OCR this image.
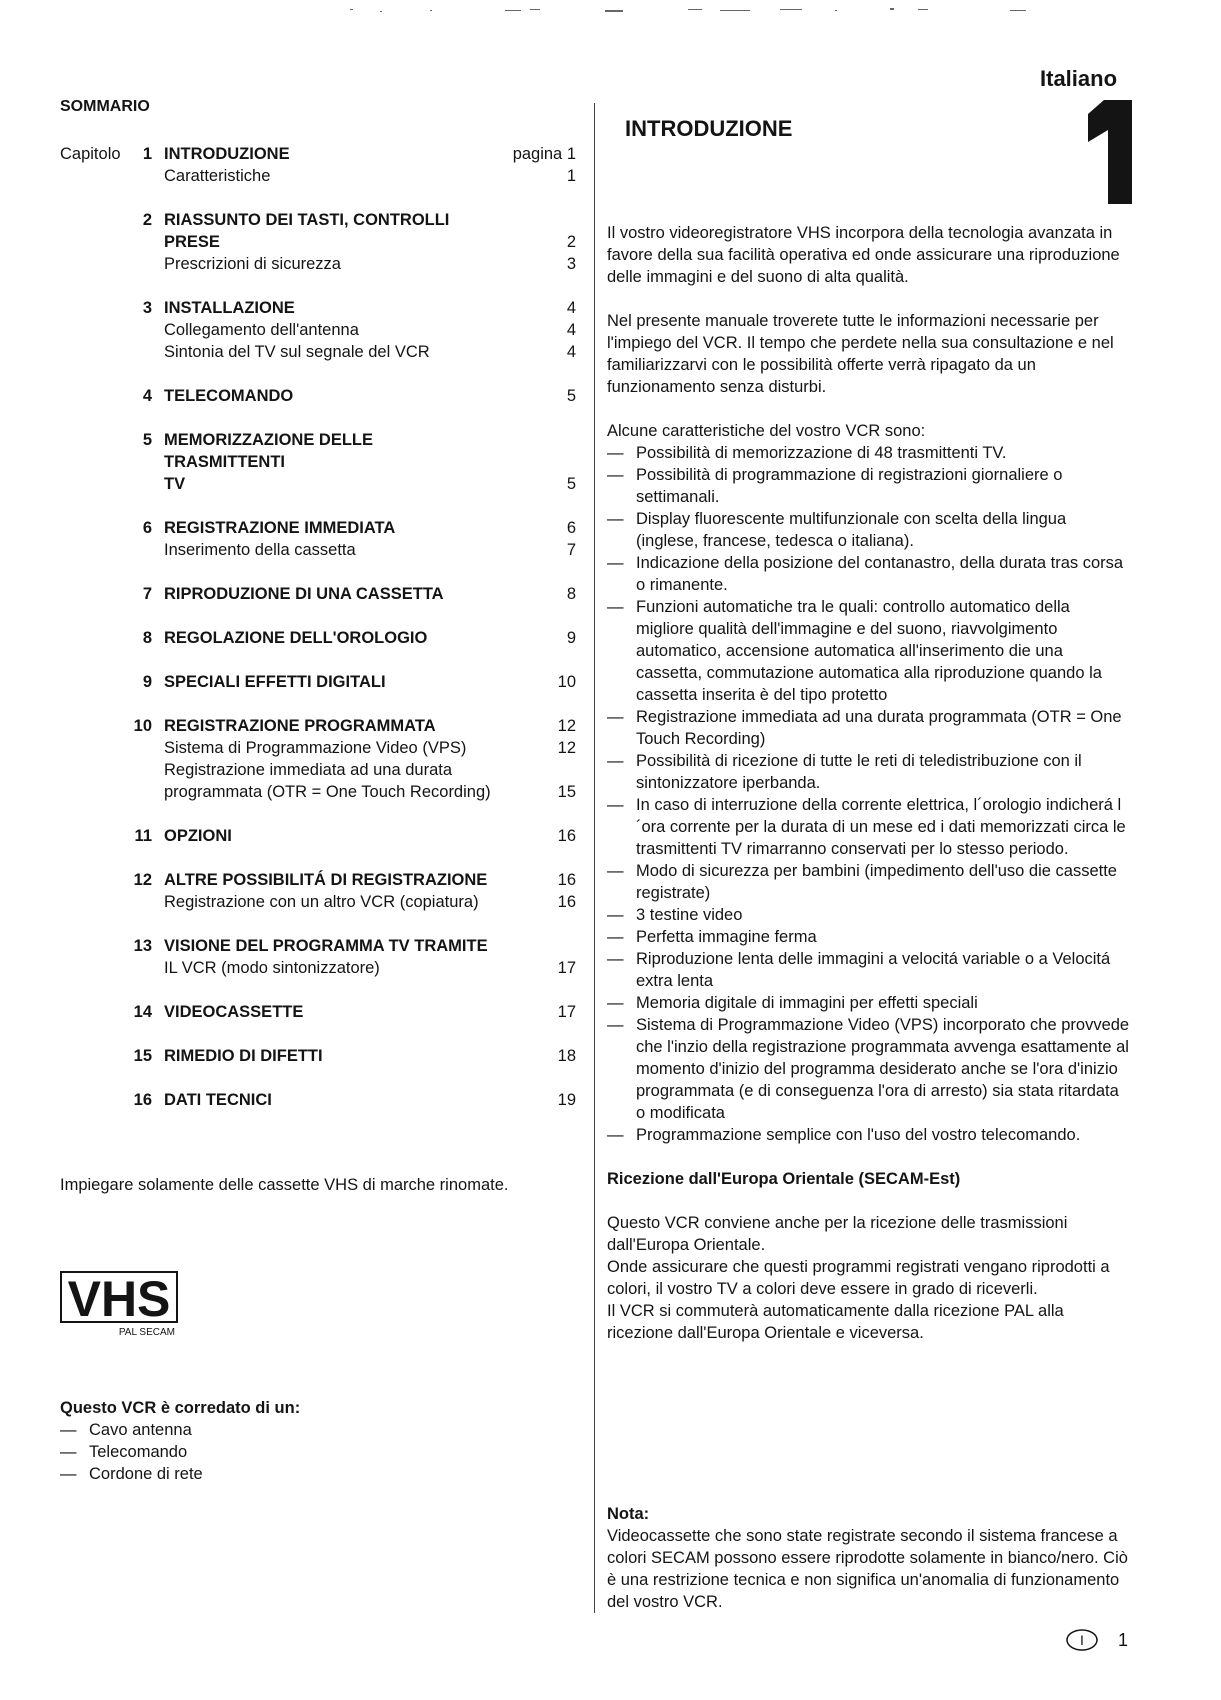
Italiano
SOMMARIO
Capitolo 1 INTRODUZIONE	pagina 1
Caratteristiche	1
2 RIASSUNTO DEI TASTI, CONTROLLI
PRESE	2
Prescrizioni di sicurezza	3
3 INSTALLAZIONE	4
Collegamento dell'antenna	4
Sintonia del TV sul segnale del VCR	4
4 TELECOMANDO	5
5 MEMORIZZAZIONE DELLE TRASMITTENTI
TV	5
6 REGISTRAZIONE IMMEDIATA	6
Inserimento della cassetta	7
7 RIPRODUZIONE DI UNA CASSETTA	8
8 REGOLAZIONE DELL'OROLOGIO	9
9 SPECIALI EFFETTI DIGITALI	10
10 REGISTRAZIONE PROGRAMMATA	12
Sistema di Programmazione Video (VPS)	12
Registrazione immediata ad una durata
programmata (OTR = One Touch Recording)	15
11 OPZIONI	16
12 ALTRE POSSIBILITÁ DI REGISTRAZIONE	16
Registrazione con un altro VCR (copiatura)	16
13 VISIONE DEL PROGRAMMA TV TRAMITE
IL VCR (modo sintonizzatore)	17
14 VIDEOCASSETTE	17
15 RIMEDIO DI DIFETTI	18
16 DATI TECNICI	19
Impiegare solamente delle cassette VHS di marche rinomate.
VHS
PAL SECAM
Questo VCR è corredato di un:
— Cavo antenna
— Telecomando
— Cordone di rete
INTRODUZIONE

Il vostro videoregistratore VHS incorpora della tecnologia avanzata in favore della sua facilità operativa ed onde assicurare una riproduzione delle immagini e del suono di alta qualità.

Nel presente manuale troverete tutte le informazioni necessarie per l'impiego del VCR. Il tempo che perdete nella sua consultazione e nel familiarizzarvi con le possibilità offerte verrà ripagato da un funzionamento senza disturbi.

Alcune caratteristiche del vostro VCR sono:

— Possibilità di memorizzazione di 48 trasmittenti TV.
— Possibilità di programmazione di registrazioni giornaliere o settimanali.
— Display fluorescente multifunzionale con scelta della lingua (inglese, francese, tedesca o italiana).
— Indicazione della posizione del contanastro, della durata tras corsa o rimanente.
— Funzioni automatiche tra le quali: controllo automatico della migliore qualità dell'immagine e del suono, riavvolgimento automatico, accensione automatica all'inserimento die una cassetta, commutazione automatica alla riproduzione quando la cassetta inserita è del tipo protetto
— Registrazione immediata ad una durata programmata (OTR = One Touch Recording)
— Possibilità di ricezione di tutte le reti di teledistribuzione con il sintonizzatore iperbanda.
— In caso di interruzione della corrente elettrica, l´orologio indicherá l´ora corrente per la durata di un mese ed i dati memorizzati circa le trasmittenti TV rimarranno conservati per lo stesso periodo.
— Modo di sicurezza per bambini (impedimento dell'uso die cassette registrate)
— 3 testine video
— Perfetta immagine ferma
— Riproduzione lenta delle immagini a velocitá variable o a Velocitá extra lenta
— Memoria digitale di immagini per effetti speciali
— Sistema di Programmazione Video (VPS) incorporato che provvede che l'inzio della registrazione programmata avvenga esattamente al momento d'inizio del programma desiderato anche se l'ora d'inizio programmata (e di conseguenza l'ora di arresto) sia stata ritardata o modificata
— Programmazione semplice con l'uso del vostro telecomando.

Ricezione dall'Europa Orientale (SECAM-Est)

Questo VCR conviene anche per la ricezione delle trasmissioni dall'Europa Orientale.

Onde assicurare che questi programmi registrati vengano riprodotti a colori, il vostro TV a colori deve essere in grado di riceverli.

Il VCR si commuterà automaticamente dalla ricezione PAL alla ricezione dall'Europa Orientale e viceversa.

Nota:

Videocassette che sono state registrate secondo il sistema francese a colori SECAM possono essere riprodotte solamente in bianco/nero. Ciò è una restrizione tecnica e non significa un'anomalia di funzionamento del vostro VCR.

I 1
